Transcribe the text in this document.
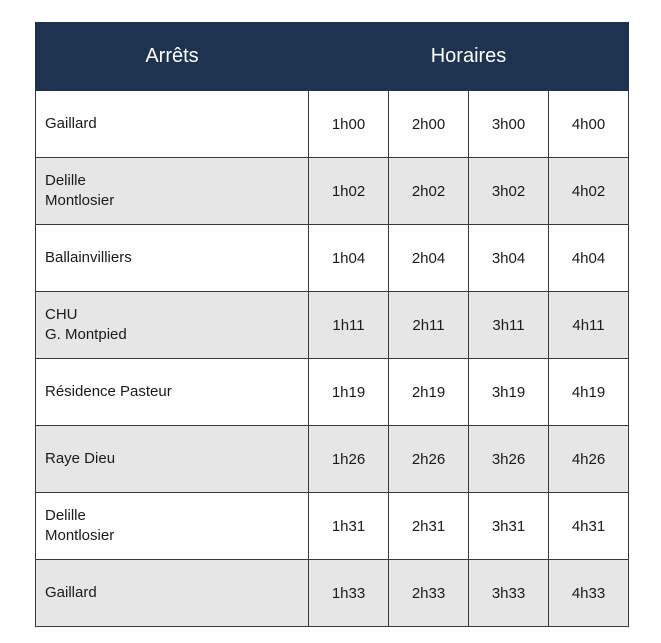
Arrêts	Horaires			

Gaillard	1h00	2h00	3h00	4h00

Delille
Montlosier	1h02	2h02	3h02	4h02

Ballainvilliers	1h04	2h04	3h04	4h04

CHU
G. Montpied	1h11	2h11	3h11	4h11

Résidence Pasteur	1h19	2h19	3h19	4h19

Raye Dieu	1h26	2h26	3h26	4h26

Delille
Montlosier	1h31	2h31	3h31	4h31

Gaillard	1h33	2h33	3h33	4h33
